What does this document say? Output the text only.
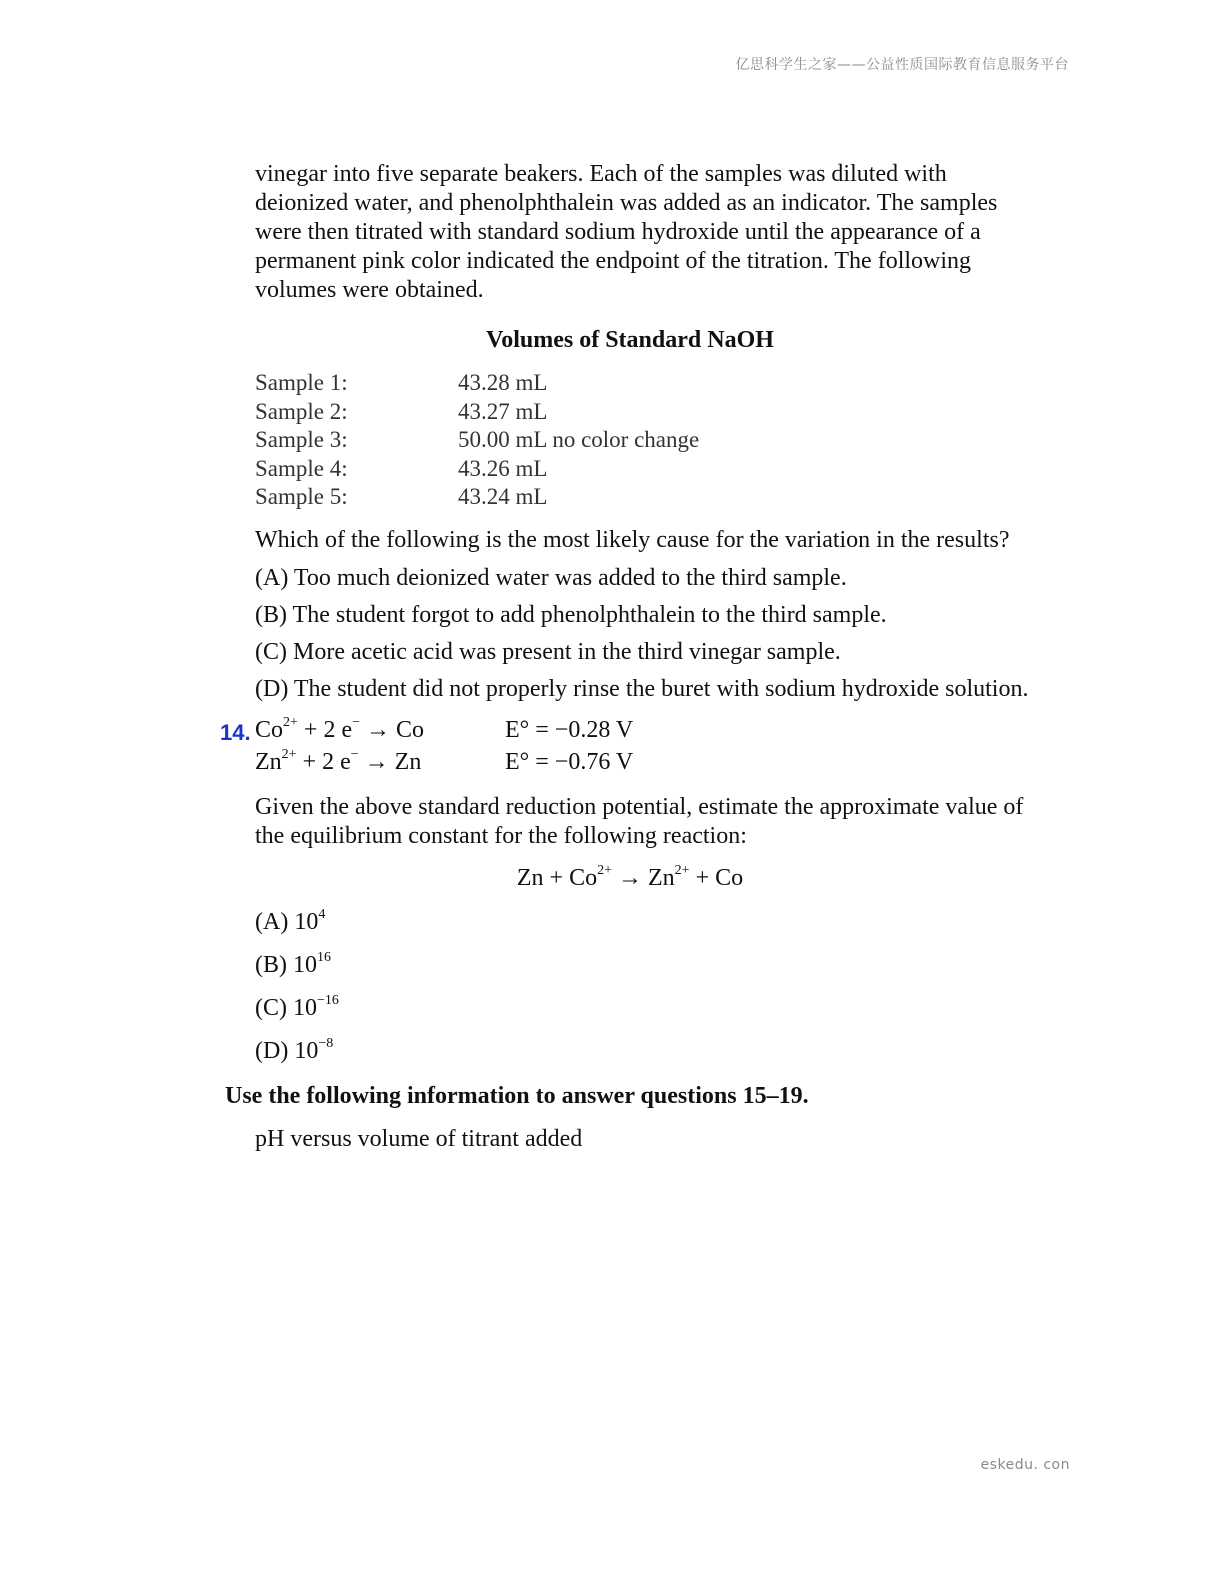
亿思科学生之家——公益性质国际教育信息服务平台

vinegar into five separate beakers. Each of the samples was diluted with deionized water, and phenolphthalein was added as an indicator. The samples were then titrated with standard sodium hydroxide until the appearance of a permanent pink color indicated the endpoint of the titration. The following volumes were obtained.

Volumes of Standard NaOH
Sample 1:	43.28 mL
Sample 2:	43.27 mL
Sample 3:	50.00 mL no color change
Sample 4:	43.26 mL
Sample 5:	43.24 mL

Which of the following is the most likely cause for the variation in the results?

(A) Too much deionized water was added to the third sample.
(B) The student forgot to add phenolphthalein to the third sample.
(C) More acetic acid was present in the third vinegar sample.
(D) The student did not properly rinse the buret with sodium hydroxide solution.
14. $Co^{2+} + 2$ e− → Co	E° = −0.28 V
$Zn^{2+} + 2$ e− → Zn	E° = −0.76 V

Given the above standard reduction potential, estimate the approximate value of the equilibrium constant for the following reaction:

$Zn + Co^{2+} \to Zn^{2+} + Co$
(A) $10^4$
(B) $10^{16}$
(C) $10^{-16}$
(D) $10^{-8}$
Use the following information to answer questions 15–19.

pH versus volume of titrant added

eskedu. con
